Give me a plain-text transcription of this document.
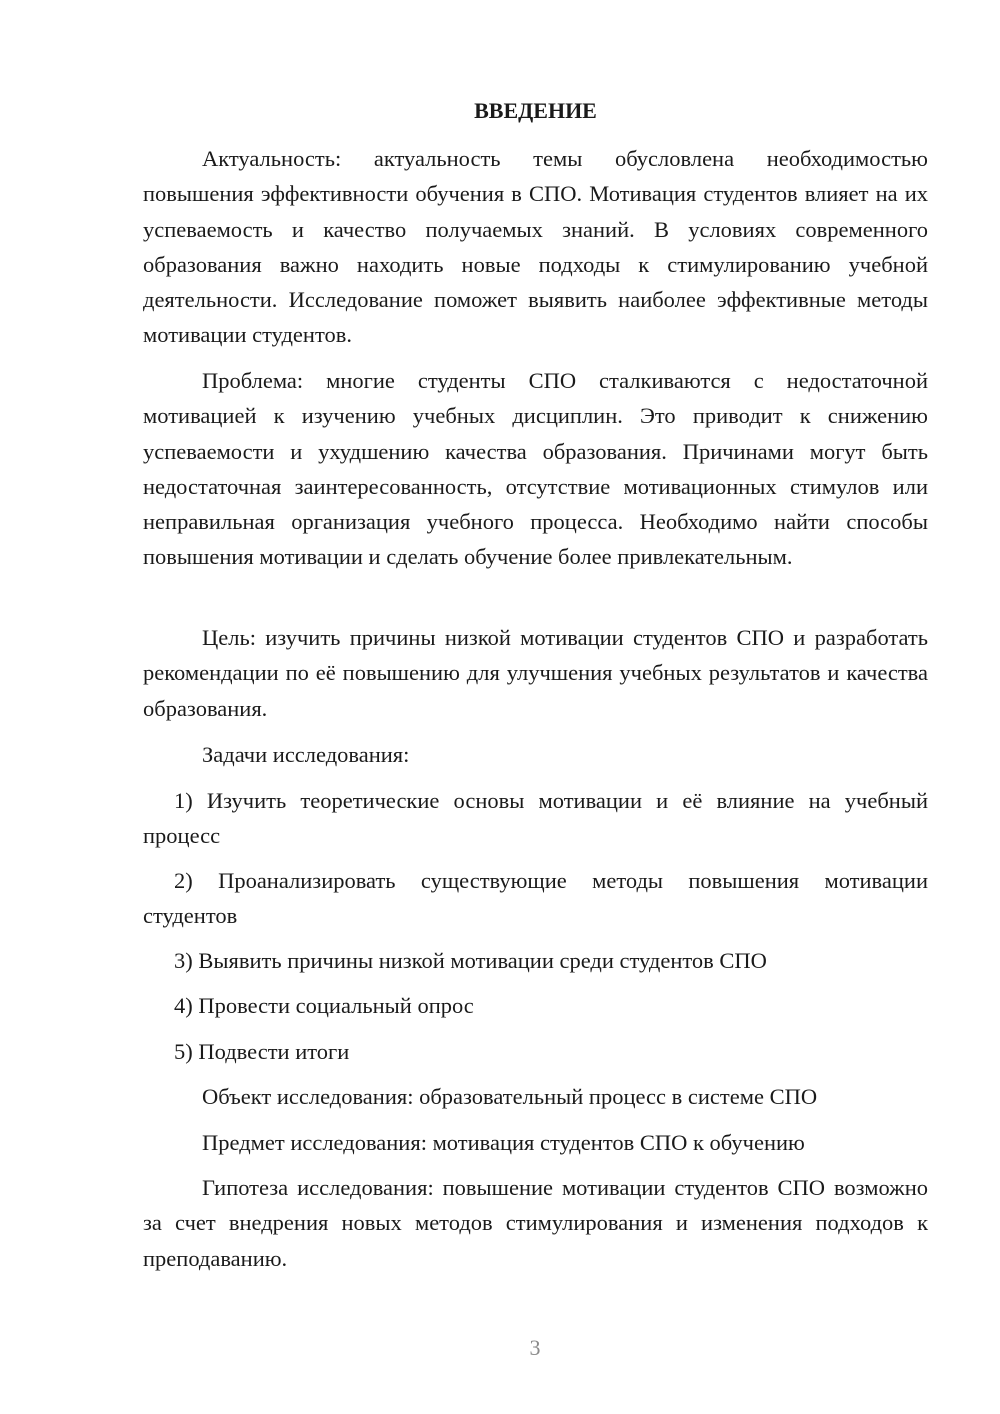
ВВЕДЕНИЕ

Актуальность: актуальность темы обусловлена необходимостью повышения эффективности обучения в СПО. Мотивация студентов влияет на их успеваемость и качество получаемых знаний. В условиях современного образования важно находить новые подходы к стимулированию учебной деятельности. Исследование поможет выявить наиболее эффективные методы мотивации студентов.

Проблема: многие студенты СПО сталкиваются с недостаточной мотивацией к изучению учебных дисциплин. Это приводит к снижению успеваемости и ухудшению качества образования. Причинами могут быть недостаточная заинтересованность, отсутствие мотивационных стимулов или неправильная организация учебного процесса. Необходимо найти способы повышения мотивации и сделать обучение более привлекательным.

Цель: изучить причины низкой мотивации студентов СПО и разработать рекомендации по её повышению для улучшения учебных результатов и качества образования.

Задачи исследования:

1) Изучить теоретические основы мотивации и её влияние на учебный процесс

2) Проанализировать существующие методы повышения мотивации студентов

3) Выявить причины низкой мотивации среди студентов СПО

4) Провести социальный опрос

5) Подвести итоги

Объект исследования: образовательный процесс в системе СПО

Предмет исследования: мотивация студентов СПО к обучению

Гипотеза исследования: повышение мотивации студентов СПО возможно за счет внедрения новых методов стимулирования и изменения подходов к преподаванию.

3
